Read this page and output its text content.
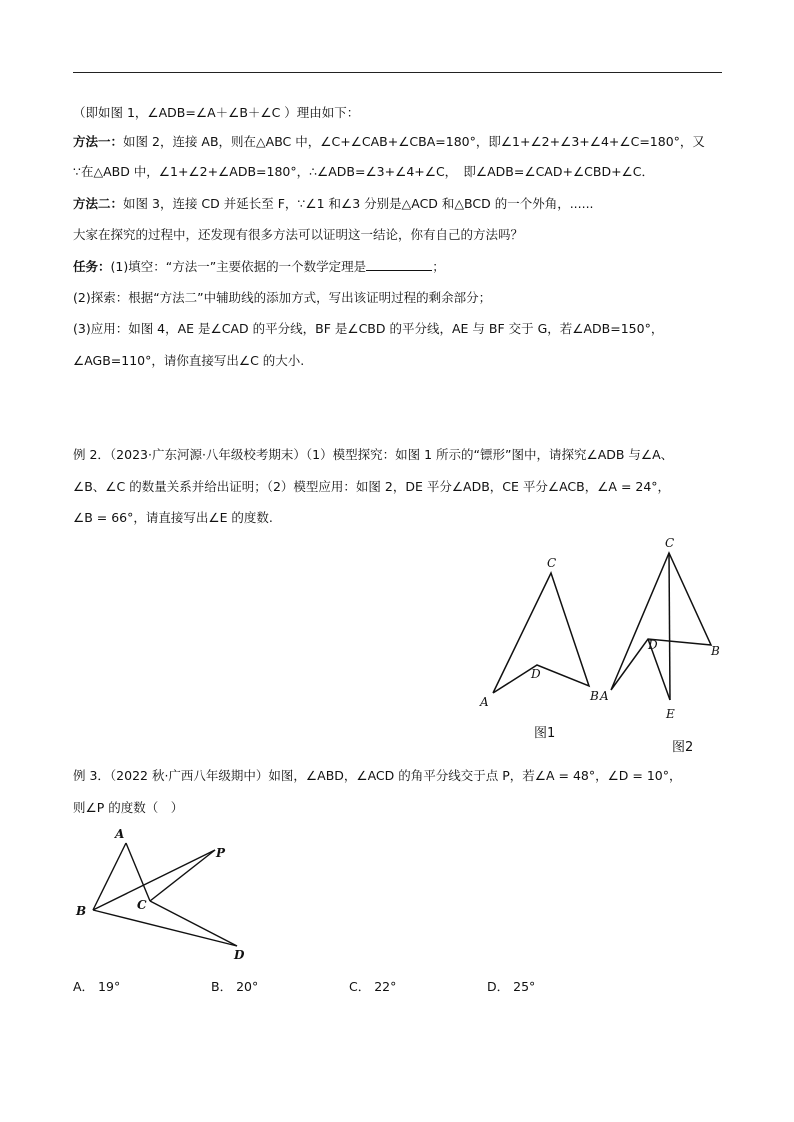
（即如图 1，∠ADB=∠A＋∠B＋∠C ）理由如下：
方法一：如图 2，连接 AB，则在△ABC 中，∠C+∠CAB+∠CBA=180°，即∠1+∠2+∠3+∠4+∠C=180°，又
∵在△ABD 中，∠1+∠2+∠ADB=180°，∴∠ADB=∠3+∠4+∠C，　即∠ADB=∠CAD+∠CBD+∠C．
方法二：如图 3，连接 CD 并延长至 F，∵∠1 和∠3 分别是△ACD 和△BCD 的一个外角，......
大家在探究的过程中，还发现有很多方法可以证明这一结论，你有自己的方法吗？
任务：(1)填空：“方法一”主要依据的一个数学定理是	；
(2)探索：根据“方法二”中辅助线的添加方式，写出该证明过程的剩余部分；
(3)应用：如图 4，AE 是∠CAD 的平分线，BF 是∠CBD 的平分线，AE 与 BF 交于 G，若∠ADB=150°，
∠AGB=110°，请你直接写出∠C 的大小.
例 2．（2023·广东河源·八年级校考期末）（1）模型探究：如图 1 所示的“镖形”图中，请探究∠ADB 与∠A、
∠B、∠C 的数量关系并给出证明；（2）模型应用：如图 2，DE 平分∠ADB，CE 平分∠ACB，∠A = 24°，
∠B = 66°，请直接写出∠E 的度数.
C
D
A	B
C
D
A
B
E
图1
图2
例 3．（2022 秋·广西八年级期中）如图，∠ABD，∠ACD 的角平分线交于点 P，若∠A = 48°，∠D = 10°，
则∠P 的度数（　）
A
P
B	C
D
A． 19°	B． 20°	C． 22°	D． 25°
